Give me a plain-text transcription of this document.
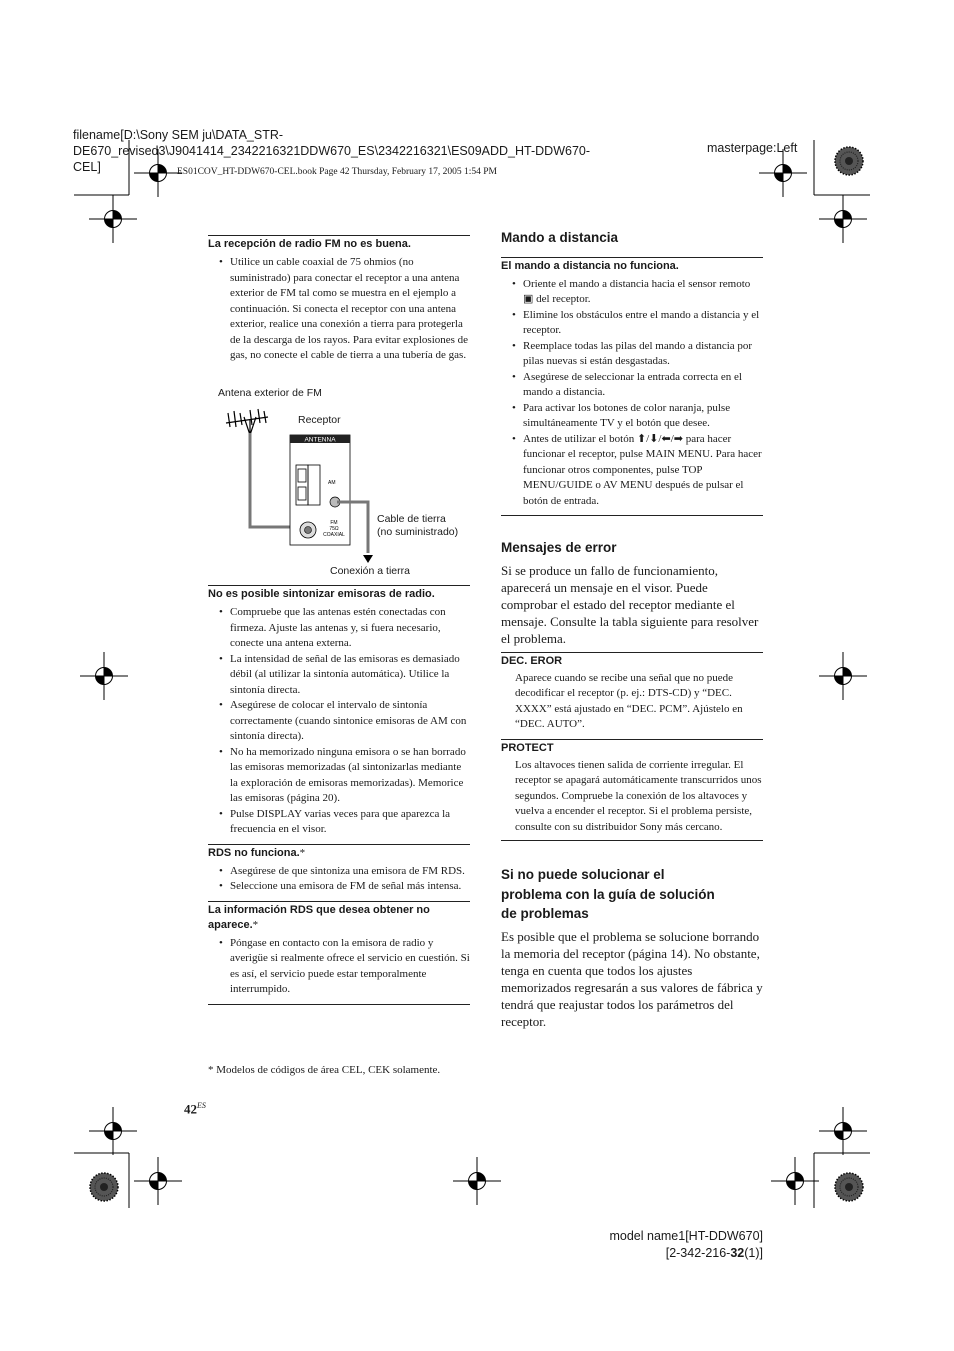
filename[D:\Sony SEM ju\DATA_STR-
DE670_revised3\J9041414_2342216321DDW670_ES\2342216321\ES09ADD_HT-DDW670-
CEL]
masterpage:Left
ES01COV_HT-DDW670-CEL.book Page 42 Thursday, February 17, 2005 1:54 PM
La recepción de radio FM no es buena.
• Utilice un cable coaxial de 75 ohmios (no suministrado) para conectar el receptor a una antena exterior de FM tal como se muestra en el ejemplo a continuación. Si conecta el receptor con una antena exterior, realice una conexión a tierra para protegerla de la descarga de los rayos. Para evitar explosiones de gas, no conecte el cable de tierra a una tubería de gas.
Antena exterior de FM
Receptor
ANTENNA
AM
FM
75Ω
COAXIAL
Cable de tierra
(no suministrado)
Conexión a tierra
No es posible sintonizar emisoras de radio.
• Compruebe que las antenas estén conectadas con firmeza. Ajuste las antenas y, si fuera necesario, conecte una antena externa.
• La intensidad de señal de las emisoras es demasiado débil (al utilizar la sintonía automática). Utilice la sintonía directa.
• Asegúrese de colocar el intervalo de sintonía correctamente (cuando sintonice emisoras de AM con sintonía directa).
• No ha memorizado ninguna emisora o se han borrado las emisoras memorizadas (al sintonizarlas mediante la exploración de emisoras memorizadas). Memorice las emisoras (página 20).
• Pulse DISPLAY varias veces para que aparezca la frecuencia en el visor.
RDS no funciona.*
• Asegúrese de que sintoniza una emisora de FM RDS.
• Seleccione una emisora de FM de señal más intensa.
La información RDS que desea obtener no aparece.*
• Póngase en contacto con la emisora de radio y averigüe si realmente ofrece el servicio en cuestión. Si es así, el servicio puede estar temporalmente interrumpido.
* Modelos de códigos de área CEL, CEK solamente.
Mando a distancia
El mando a distancia no funciona.
• Oriente el mando a distancia hacia el sensor remoto ▣ del receptor.
• Elimine los obstáculos entre el mando a distancia y el receptor.
• Reemplace todas las pilas del mando a distancia por pilas nuevas si están desgastadas.
• Asegúrese de seleccionar la entrada correcta en el mando a distancia.
• Para activar los botones de color naranja, pulse simultáneamente TV y el botón que desee.
• Antes de utilizar el botón ⬆/⬇/⬅/➡ para hacer funcionar el receptor, pulse MAIN MENU. Para hacer funcionar otros componentes, pulse TOP MENU/GUIDE o AV MENU después de pulsar el botón de entrada.
Mensajes de error
Si se produce un fallo de funcionamiento, aparecerá un mensaje en el visor. Puede comprobar el estado del receptor mediante el mensaje. Consulte la tabla siguiente para resolver el problema.
DEC. EROR
Aparece cuando se recibe una señal que no puede decodificar el receptor (p. ej.: DTS-CD) y “DEC. XXXX” está ajustado en “DEC. PCM”. Ajústelo en “DEC. AUTO”.
PROTECT
Los altavoces tienen salida de corriente irregular. El receptor se apagará automáticamente transcurridos unos segundos. Compruebe la conexión de los altavoces y vuelva a encender el receptor. Si el problema persiste, consulte con su distribuidor Sony más cercano.
Si no puede solucionar el
problema con la guía de solución
de problemas
Es posible que el problema se solucione borrando la memoria del receptor (página 14). No obstante, tenga en cuenta que todos los ajustes memorizados regresarán a sus valores de fábrica y tendrá que reajustar todos los parámetros del receptor.
$42^{ES}$
model name1[HT-DDW670]
[2-342-216-32(1)]
